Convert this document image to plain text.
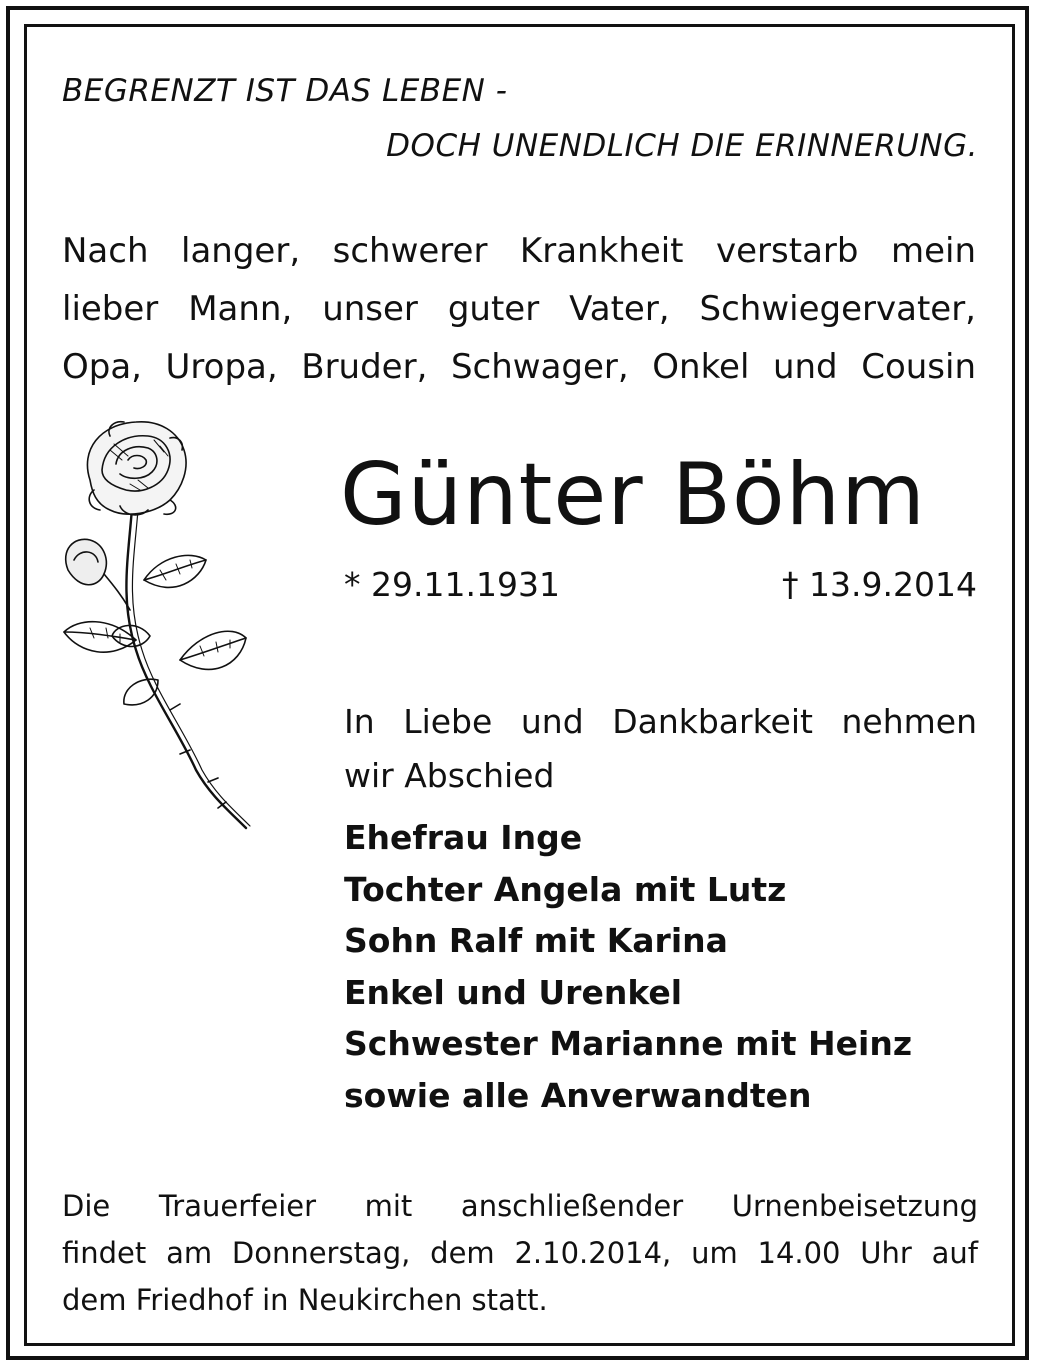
BEGRENZT IST DAS LEBEN -
DOCH UNENDLICH DIE ERINNERUNG.
Nach langer, schwerer Krankheit verstarb mein
lieber Mann, unser guter Vater, Schwiegervater,
Opa, Uropa, Bruder, Schwager, Onkel und Cousin
Günter Böhm
* 29.11.1931	† 13.9.2014
In Liebe und Dankbarkeit nehmen
wir Abschied
Ehefrau Inge
Tochter Angela mit Lutz
Sohn Ralf mit Karina
Enkel und Urenkel
Schwester Marianne mit Heinz
sowie alle Anverwandten
Die Trauerfeier mit anschließender Urnenbeisetzung
findet am Donnerstag, dem 2.10.2014, um 14.00 Uhr auf
dem Friedhof in Neukirchen statt.
